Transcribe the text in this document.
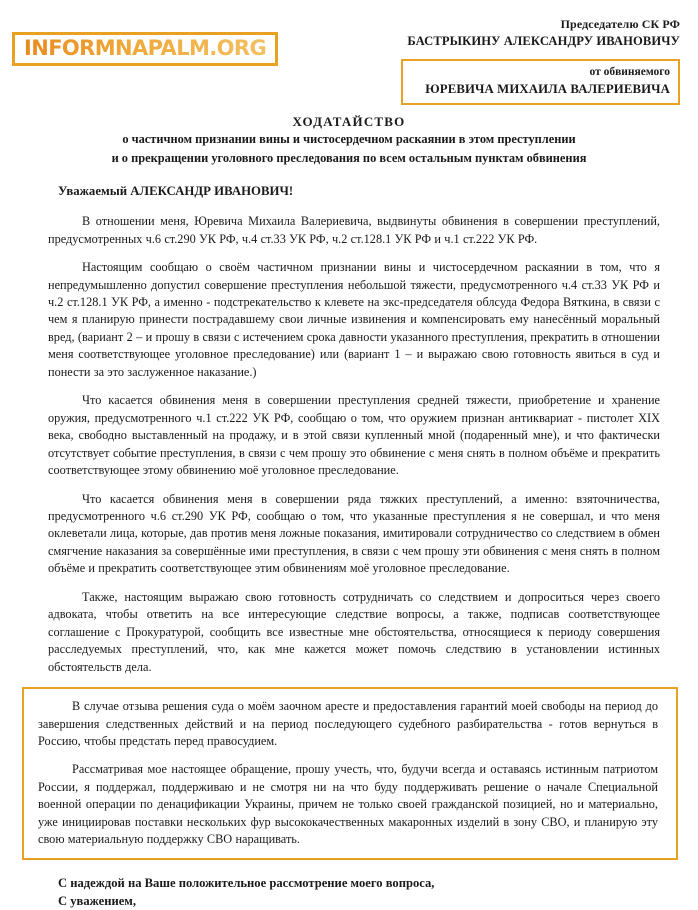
INFORMNAPALM.ORG
Председателю СК РФ
БАСТРЫКИНУ АЛЕКСАНДРУ ИВАНОВИЧУ
от обвиняемого
ЮРЕВИЧА МИХАИЛА ВАЛЕРИЕВИЧА
ХОДАТАЙСТВО
о частичном признании вины и чистосердечном раскаянии в этом преступлении
и о прекращении уголовного преследования по всем остальным пунктам обвинения
Уважаемый АЛЕКСАНДР ИВАНОВИЧ!

В отношении меня, Юревича Михаила Валериевича, выдвинуты обвинения в совершении преступлений, предусмотренных ч.6 ст.290 УК РФ, ч.4 ст.33 УК РФ, ч.2 ст.128.1 УК РФ и ч.1 ст.222 УК РФ.

Настоящим сообщаю о своём частичном признании вины и чистосердечном раскаянии в том, что я непредумышленно допустил совершение преступления небольшой тяжести, предусмотренного ч.4 ст.33 УК РФ и ч.2 ст.128.1 УК РФ, а именно - подстрекательство к клевете на экс-председателя облсуда Федора Вяткина, в связи с чем я планирую принести пострадавшему свои личные извинения и компенсировать ему нанесённый моральный вред, (вариант 2 – и прошу в связи с истечением срока давности указанного преступления, прекратить в отношении меня соответствующее уголовное преследование) или (вариант 1 – и выражаю свою готовность явиться в суд и понести за это заслуженное наказание.)

Что касается обвинения меня в совершении преступления средней тяжести, приобретение и хранение оружия, предусмотренного ч.1 ст.222 УК РФ, сообщаю о том, что оружием признан антиквариат - пистолет XIX века, свободно выставленный на продажу, и в этой связи купленный мной (подаренный мне), и что фактически отсутствует событие преступления, в связи с чем прошу это обвинение с меня снять в полном объёме и прекратить соответствующее этому обвинению моё уголовное преследование.

Что касается обвинения меня в совершении ряда тяжких преступлений, а именно: взяточничества, предусмотренного ч.6 ст.290 УК РФ, сообщаю о том, что указанные преступления я не совершал, и что меня оклеветали лица, которые, дав против меня ложные показания, имитировали сотрудничество со следствием в обмен смягчение наказания за совершённые ими преступления, в связи с чем прошу эти обвинения с меня снять в полном объёме и прекратить соответствующее этим обвинениям моё уголовное преследование.

Также, настоящим выражаю свою готовность сотрудничать со следствием и допроситься через своего адвоката, чтобы ответить на все интересующие следствие вопросы, а также, подписав соответствующее соглашение с Прокуратурой, сообщить все известные мне обстоятельства, относящиеся к периоду совершения расследуемых преступлений, что, как мне кажется может помочь следствию в установлении истинных обстоятельств дела.

В случае отзыва решения суда о моём заочном аресте и предоставления гарантий моей свободы на период до завершения следственных действий и на период последующего судебного разбирательства - готов вернуться в Россию, чтобы предстать перед правосудием.

Рассматривая мое настоящее обращение, прошу учесть, что, будучи всегда и оставаясь истинным патриотом России, я поддержал, поддерживаю и не смотря ни на что буду поддерживать решение о начале Специальной военной операции по денацификации Украины, причем не только своей гражданской позицией, но и материально, уже инициировав поставки нескольких фур высококачественных макаронных изделий в зону СВО, и планирую эту свою материальную поддержку СВО наращивать.

С надеждой на Ваше положительное рассмотрение моего вопроса,
С уважением,
